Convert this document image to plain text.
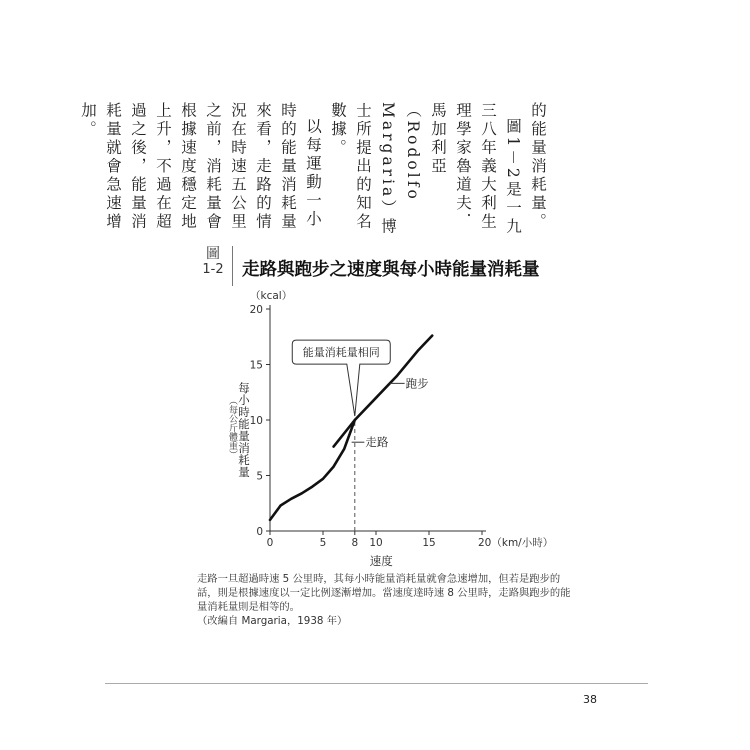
的能量消耗量。

圖1－2是一九三八年義大利生理學家魯道夫．馬加利亞（Rodolfo Margaria）博士所提出的知名數據。

以每運動一小時的能量消耗量來看，走路的情況在時速五公里之前，消耗量會根據速度穩定地上升，不過在超過之後，能量消耗量就會急速增加。

圖
1-2 走路與跑步之速度與每小時能量消耗量
每小時能量消耗量
（每公斤體重）
0
5
10
15
20
0	5 8 10	15	20（km/小時）
（kcal）
速度
走路
跑步
能量消耗量相同

走路一旦超過時速 5 公里時，其每小時能量消耗量就會急速增加，但若是跑步的話，則是根據速度以一定比例逐漸增加。當速度達時速 8 公里時，走路與跑步的能量消耗量則是相等的。

（改編自 Margaria，1938 年）

38
